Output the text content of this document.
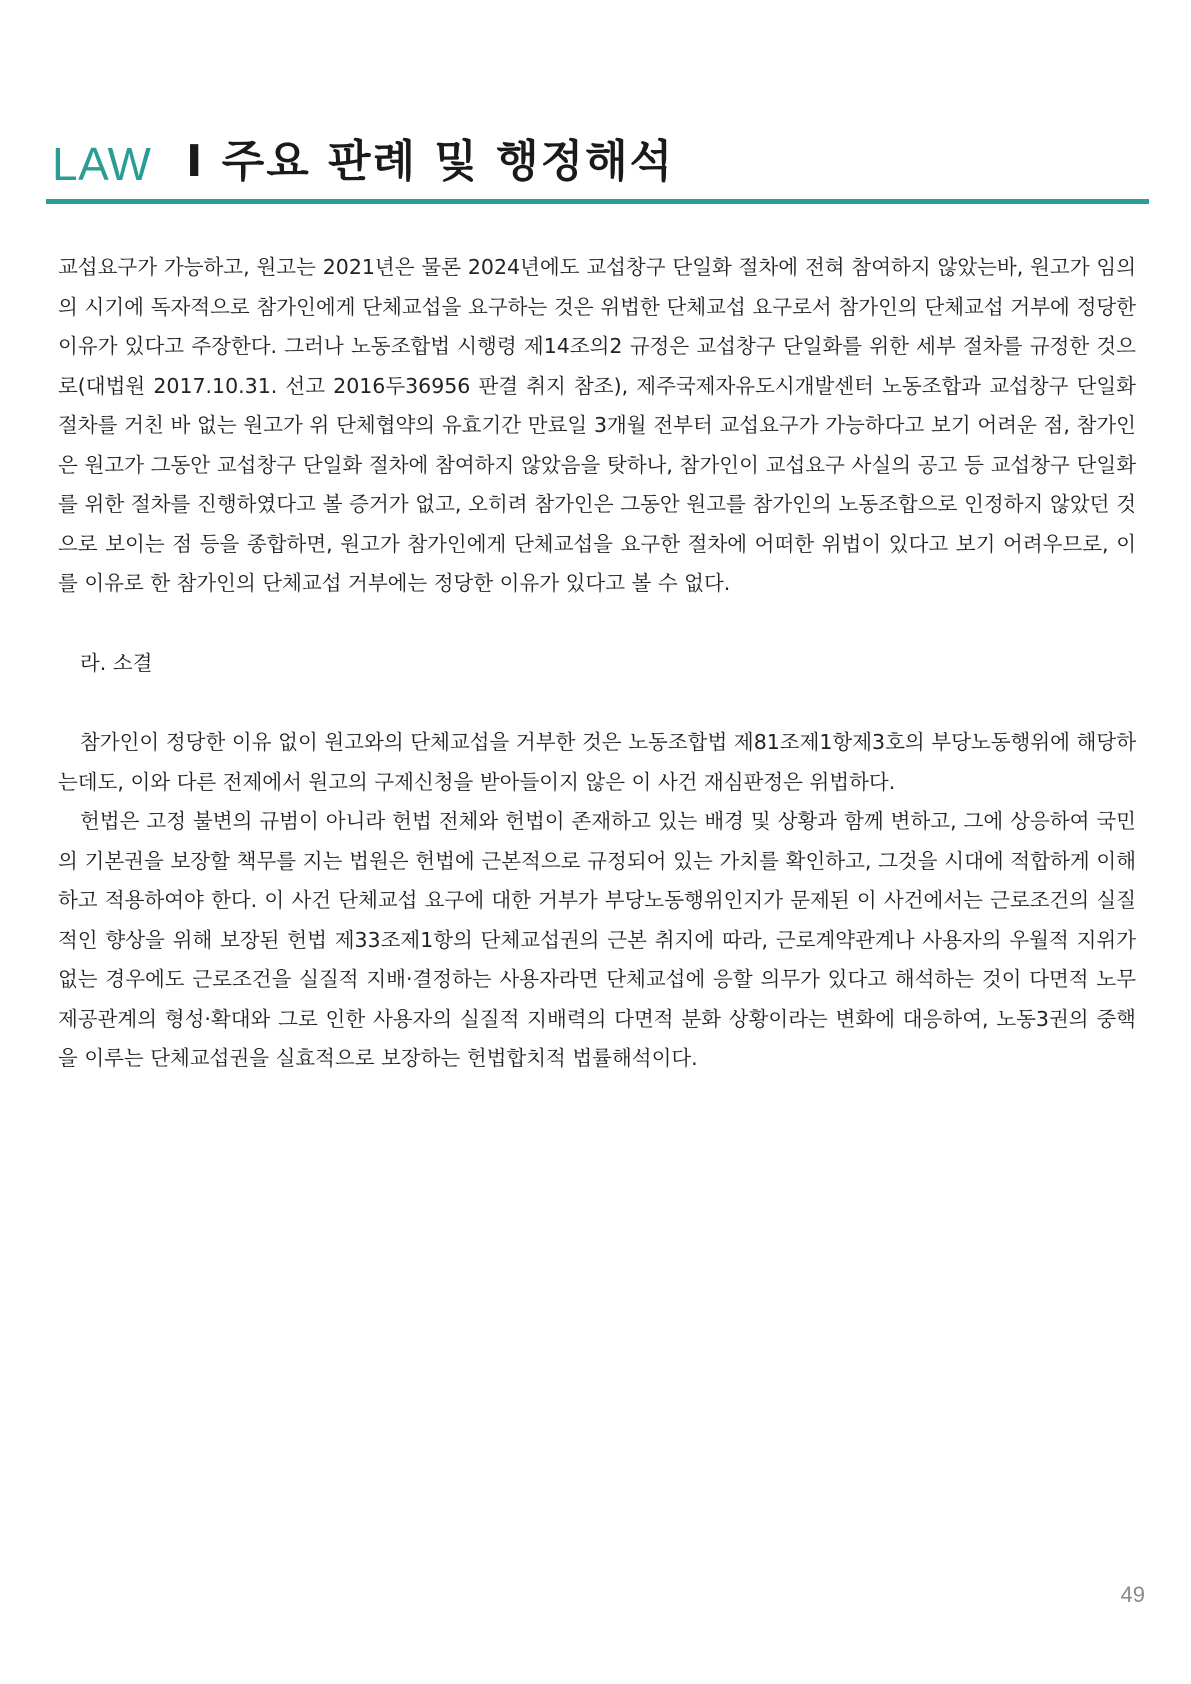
LAW Ⅰ 주요 판례 및 행정해석

교섭요구가 가능하고, 원고는 2021년은 물론 2024년에도 교섭창구 단일화 절차에 전혀 참여하지 않았는바, 원고가 임의의 시기에 독자적으로 참가인에게 단체교섭을 요구하는 것은 위법한 단체교섭 요구로서 참가인의 단체교섭 거부에 정당한 이유가 있다고 주장한다. 그러나 노동조합법 시행령 제14조의2 규정은 교섭창구 단일화를 위한 세부 절차를 규정한 것으로(대법원 2017.10.31. 선고 2016두36956 판결 취지 참조), 제주국제자유도시개발센터 노동조합과 교섭창구 단일화 절차를 거친 바 없는 원고가 위 단체협약의 유효기간 만료일 3개월 전부터 교섭요구가 가능하다고 보기 어려운 점, 참가인은 원고가 그동안 교섭창구 단일화 절차에 참여하지 않았음을 탓하나, 참가인이 교섭요구 사실의 공고 등 교섭창구 단일화를 위한 절차를 진행하였다고 볼 증거가 없고, 오히려 참가인은 그동안 원고를 참가인의 노동조합으로 인정하지 않았던 것으로 보이는 점 등을 종합하면, 원고가 참가인에게 단체교섭을 요구한 절차에 어떠한 위법이 있다고 보기 어려우므로, 이를 이유로 한 참가인의 단체교섭 거부에는 정당한 이유가 있다고 볼 수 없다.

라. 소결

참가인이 정당한 이유 없이 원고와의 단체교섭을 거부한 것은 노동조합법 제81조제1항제3호의 부당노동행위에 해당하는데도, 이와 다른 전제에서 원고의 구제신청을 받아들이지 않은 이 사건 재심판정은 위법하다.

헌법은 고정 불변의 규범이 아니라 헌법 전체와 헌법이 존재하고 있는 배경 및 상황과 함께 변하고, 그에 상응하여 국민의 기본권을 보장할 책무를 지는 법원은 헌법에 근본적으로 규정되어 있는 가치를 확인하고, 그것을 시대에 적합하게 이해하고 적용하여야 한다. 이 사건 단체교섭 요구에 대한 거부가 부당노동행위인지가 문제된 이 사건에서는 근로조건의 실질적인 향상을 위해 보장된 헌법 제33조제1항의 단체교섭권의 근본 취지에 따라, 근로계약관계나 사용자의 우월적 지위가 없는 경우에도 근로조건을 실질적 지배·결정하는 사용자라면 단체교섭에 응할 의무가 있다고 해석하는 것이 다면적 노무제공관계의 형성·확대와 그로 인한 사용자의 실질적 지배력의 다면적 분화 상황이라는 변화에 대응하여, 노동3권의 중핵을 이루는 단체교섭권을 실효적으로 보장하는 헌법합치적 법률해석이다.

49
